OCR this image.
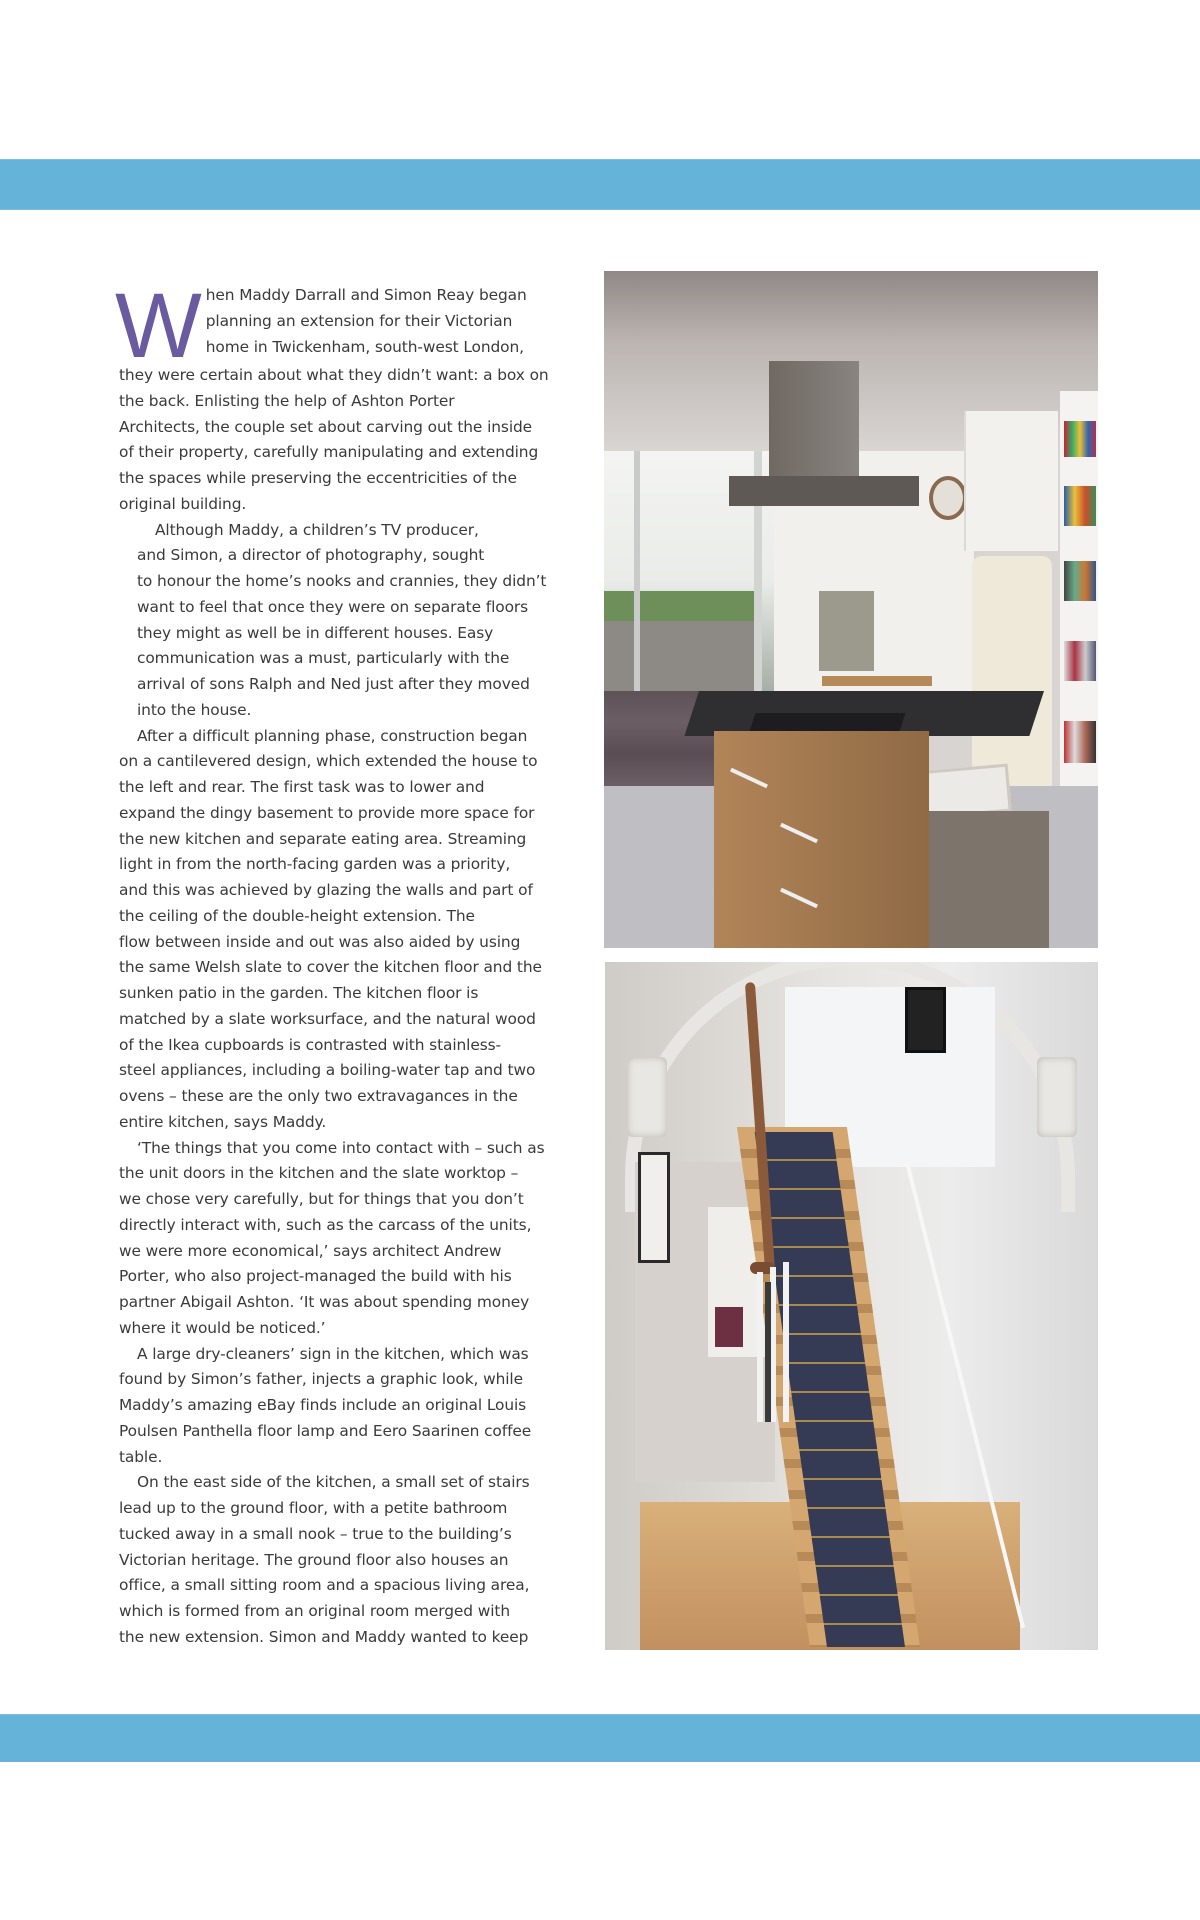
W hen Maddy Darrall and Simon Reay began
planning an extension for their Victorian
home in Twickenham, south-west London,
they were certain about what they didn’t want: a box on
the back. Enlisting the help of Ashton Porter
Architects, the couple set about carving out the inside
of their property, carefully manipulating and extending
the spaces while preserving the eccentricities of the
original building.

Although Maddy, a children’s TV producer,
and Simon, a director of photography, sought
to honour the home’s nooks and crannies, they didn’t
want to feel that once they were on separate floors
they might as well be in different houses. Easy
communication was a must, particularly with the
arrival of sons Ralph and Ned just after they moved
into the house.

After a difficult planning phase, construction began
on a cantilevered design, which extended the house to
the left and rear. The first task was to lower and
expand the dingy basement to provide more space for
the new kitchen and separate eating area. Streaming
light in from the north-facing garden was a priority,
and this was achieved by glazing the walls and part of
the ceiling of the double-height extension. The
flow between inside and out was also aided by using
the same Welsh slate to cover the kitchen floor and the
sunken patio in the garden. The kitchen floor is
matched by a slate worksurface, and the natural wood
of the Ikea cupboards is contrasted with stainless-
steel appliances, including a boiling-water tap and two
ovens – these are the only two extravagances in the
entire kitchen, says Maddy.

‘The things that you come into contact with – such as
the unit doors in the kitchen and the slate worktop –
we chose very carefully, but for things that you don’t
directly interact with, such as the carcass of the units,
we were more economical,’ says architect Andrew
Porter, who also project-managed the build with his
partner Abigail Ashton. ‘It was about spending money
where it would be noticed.’

A large dry-cleaners’ sign in the kitchen, which was
found by Simon’s father, injects a graphic look, while
Maddy’s amazing eBay finds include an original Louis
Poulsen Panthella floor lamp and Eero Saarinen coffee
table.

On the east side of the kitchen, a small set of stairs
lead up to the ground floor, with a petite bathroom
tucked away in a small nook – true to the building’s
Victorian heritage. The ground floor also houses an
office, a small sitting room and a spacious living area,
which is formed from an original room merged with
the new extension. Simon and Maddy wanted to keep
